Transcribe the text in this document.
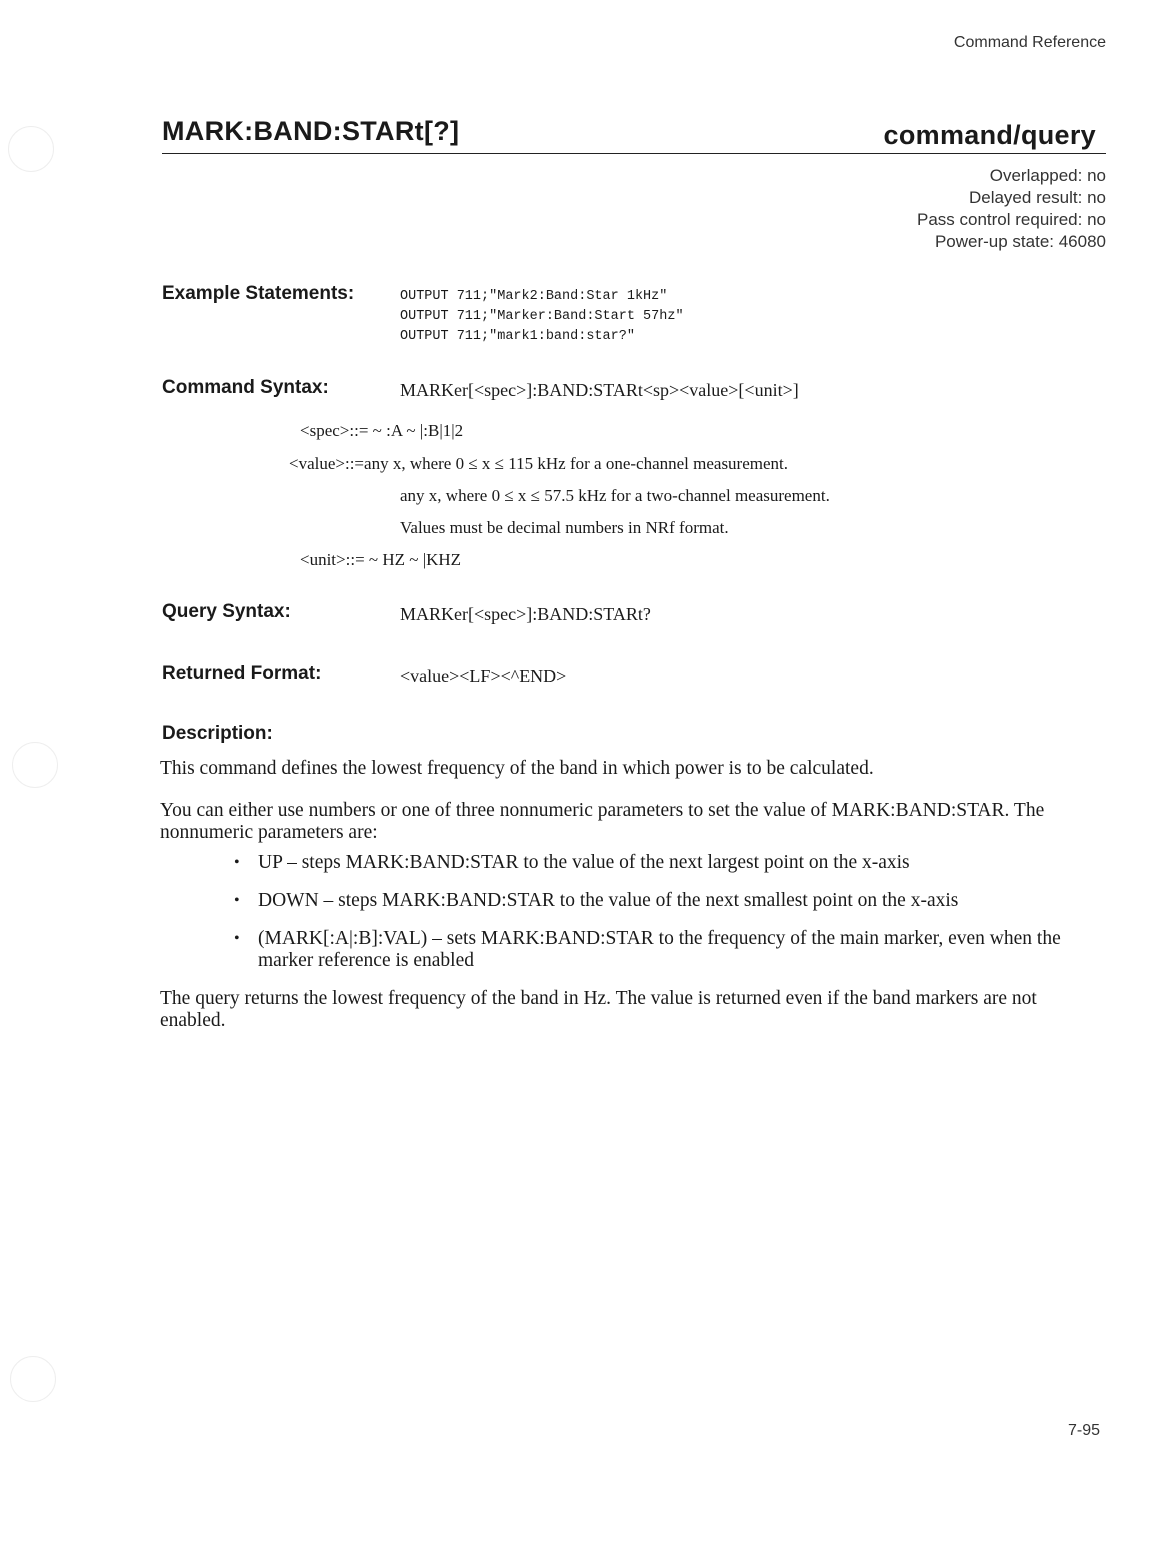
Command Reference

MARK:BAND:STARt[?]	command/query

Overlapped: no
Delayed result: no
Pass control required: no
Power-up state: 46080

Example Statements:	OUTPUT 711;"Mark2:Band:Star 1kHz"
OUTPUT 711;"Marker:Band:Start 57hz"
OUTPUT 711;"mark1:band:star?"

Command Syntax:	MARKer[<spec>]:BAND:STARt<sp><value>[<unit>]

<spec>::= ~ :A ~ |:B|1|2

<value>::=any x, where 0 ≤ x ≤ 115 kHz for a one-channel measurement.

any x, where 0 ≤ x ≤ 57.5 kHz for a two-channel measurement.

Values must be decimal numbers in NRf format.

<unit>::= ~ HZ ~ |KHZ

Query Syntax:	MARKer[<spec>]:BAND:STARt?

Returned Format:	<value><LF><^END>

Description:

This command defines the lowest frequency of the band in which power is to be calculated.

You can either use numbers or one of three nonnumeric parameters to set the value of MARK:BAND:STAR. The nonnumeric parameters are:

• UP – steps MARK:BAND:STAR to the value of the next largest point on the x-axis
• DOWN – steps MARK:BAND:STAR to the value of the next smallest point on the x-axis
• (MARK[:A|:B]:VAL) – sets MARK:BAND:STAR to the frequency of the main marker, even when the marker reference is enabled

The query returns the lowest frequency of the band in Hz. The value is returned even if the band markers are not enabled.

7-95
